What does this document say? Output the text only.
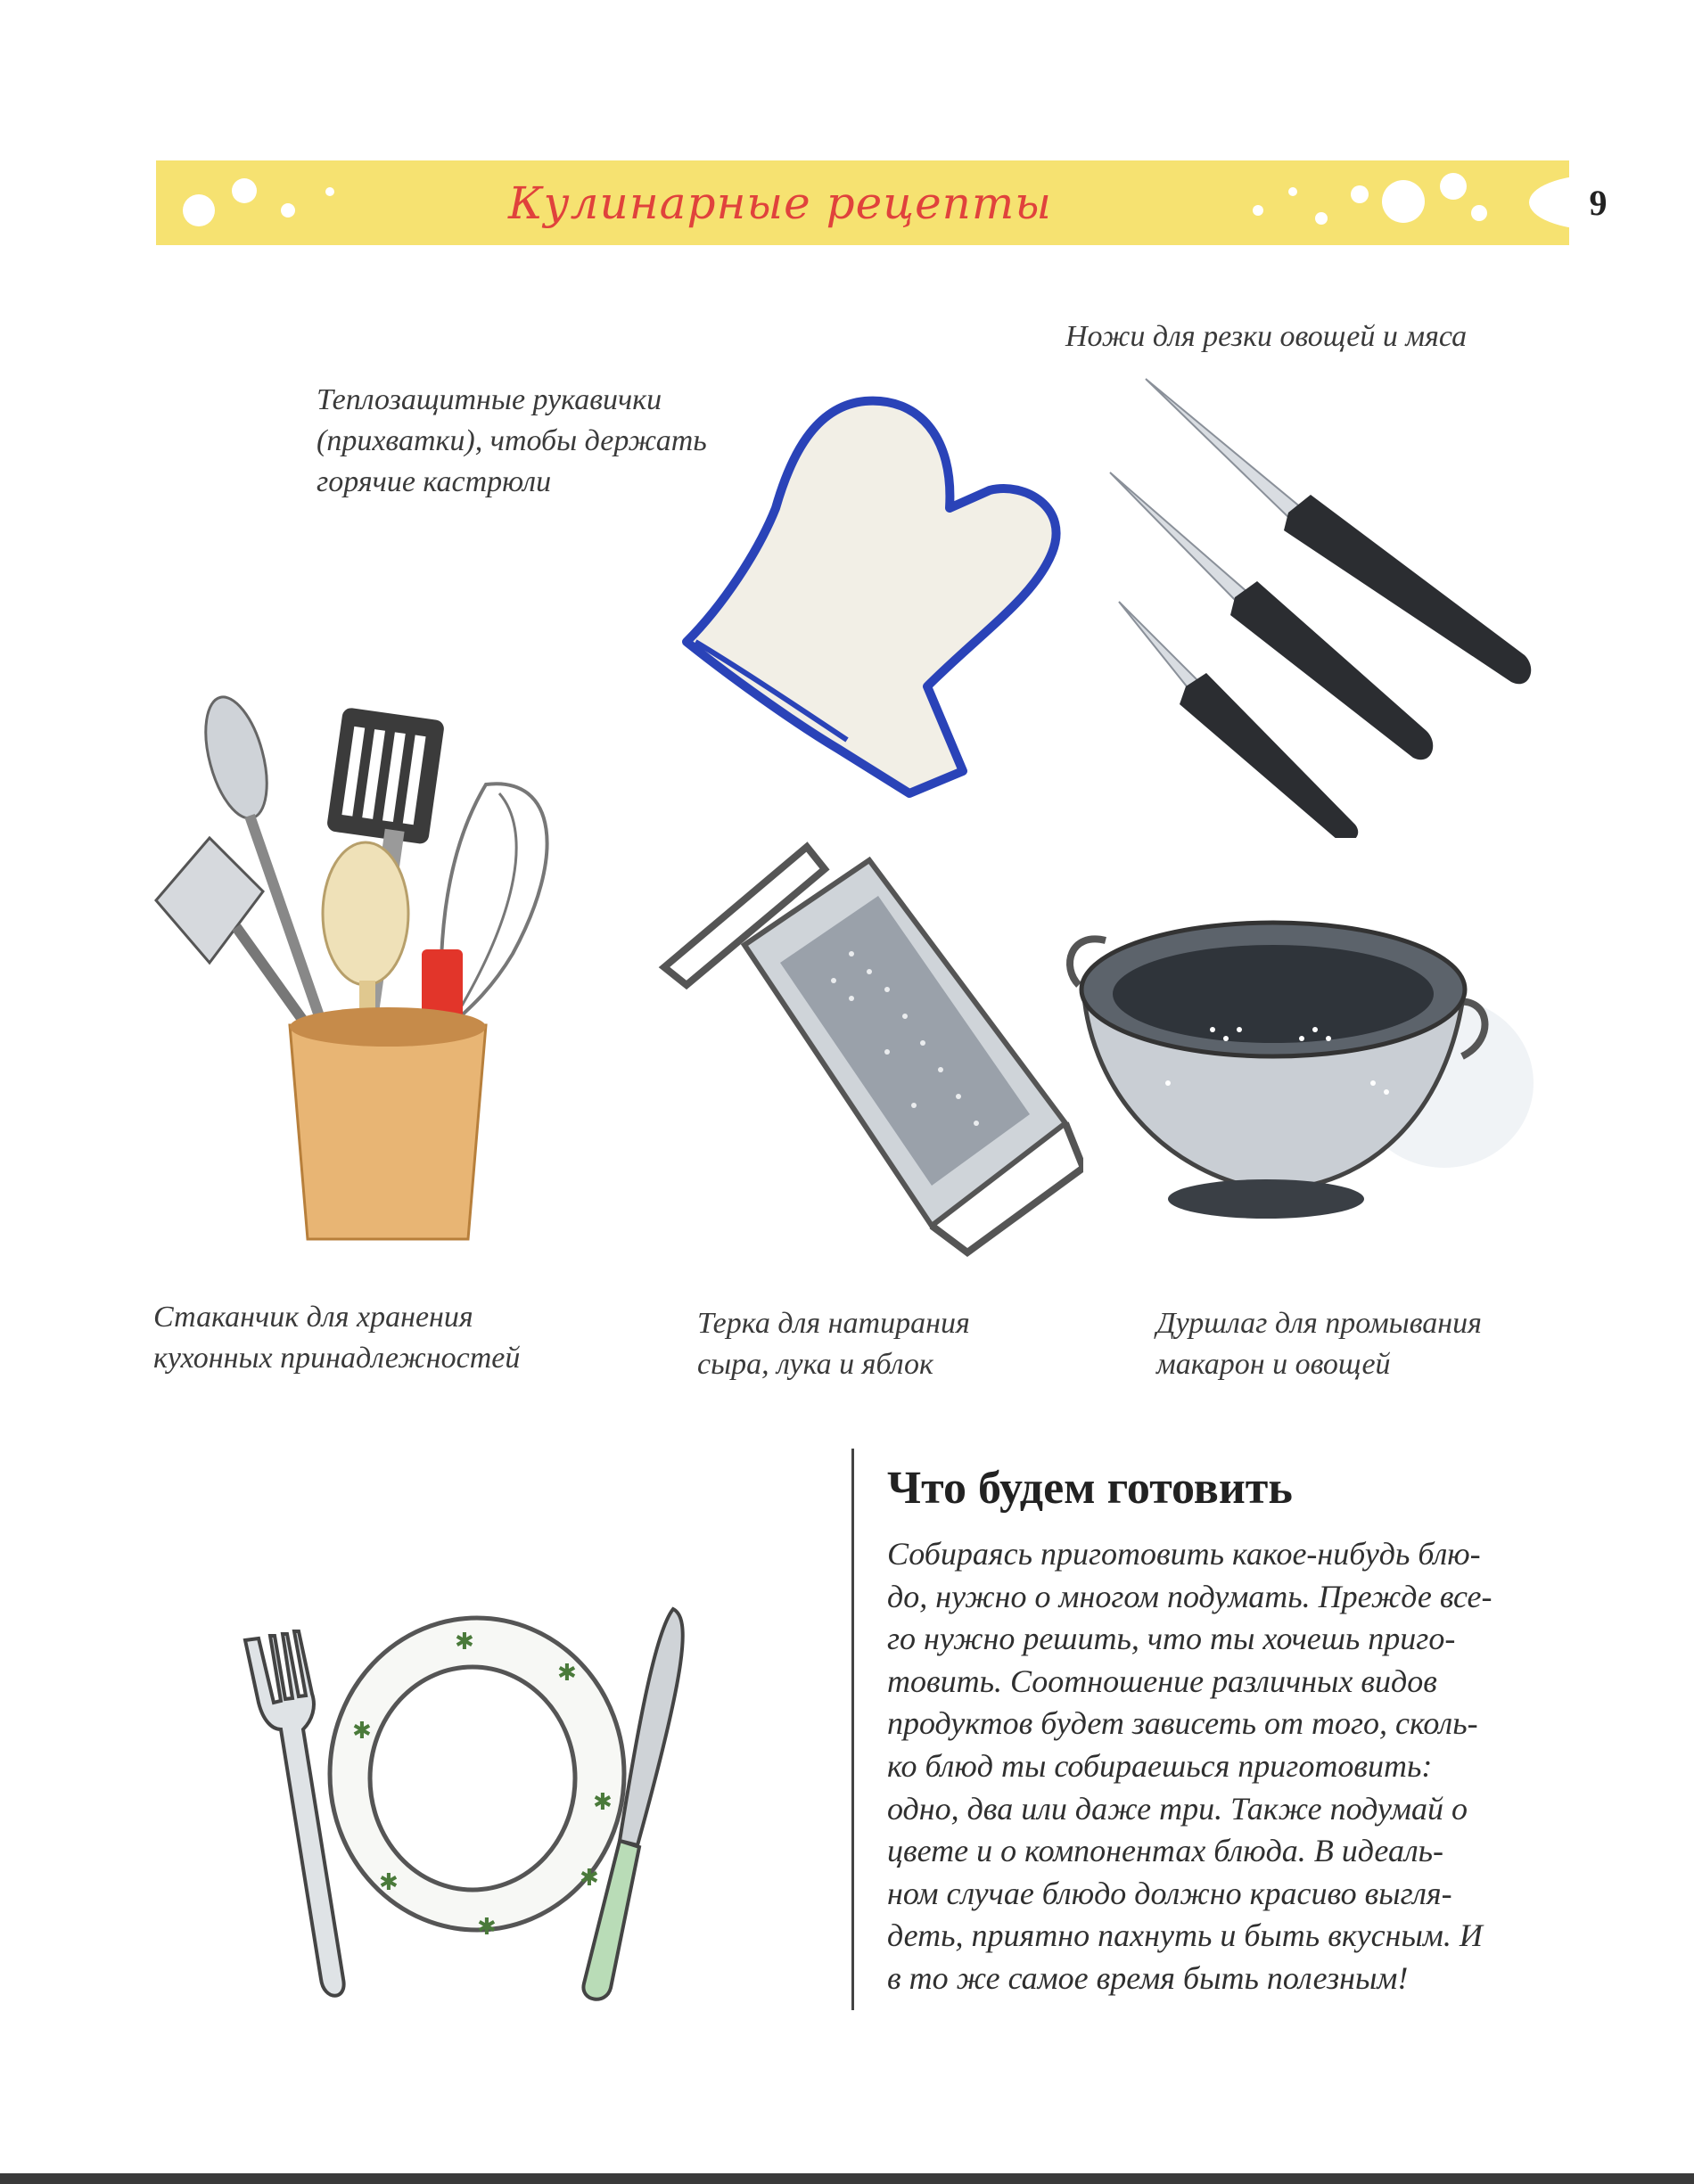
Кулинарные рецепты	9
Ножи для резки овощей и мяса
Теплозащитные рукавички
(прихватки), чтобы держать
горячие кастрюли
Стаканчик для хранения
кухонных принадлежностей
Терка для натирания
сыра, лука и яблок
Дуршлаг для промывания
макарон и овощей
✱
✱
✱
✱
✱
✱
✱
Что будем готовить
Собираясь приготовить какое-нибудь блю-
до, нужно о многом подумать. Прежде все-
го нужно решить, что ты хочешь приго-
товить. Соотношение различных видов
продуктов будет зависеть от того, сколь-
ко блюд ты собираешься приготовить:
одно, два или даже три. Также подумай о
цвете и о компонентах блюда. В идеаль-
ном случае блюдо должно красиво выгля-
деть, приятно пахнуть и быть вкусным. И
в то же самое время быть полезным!
